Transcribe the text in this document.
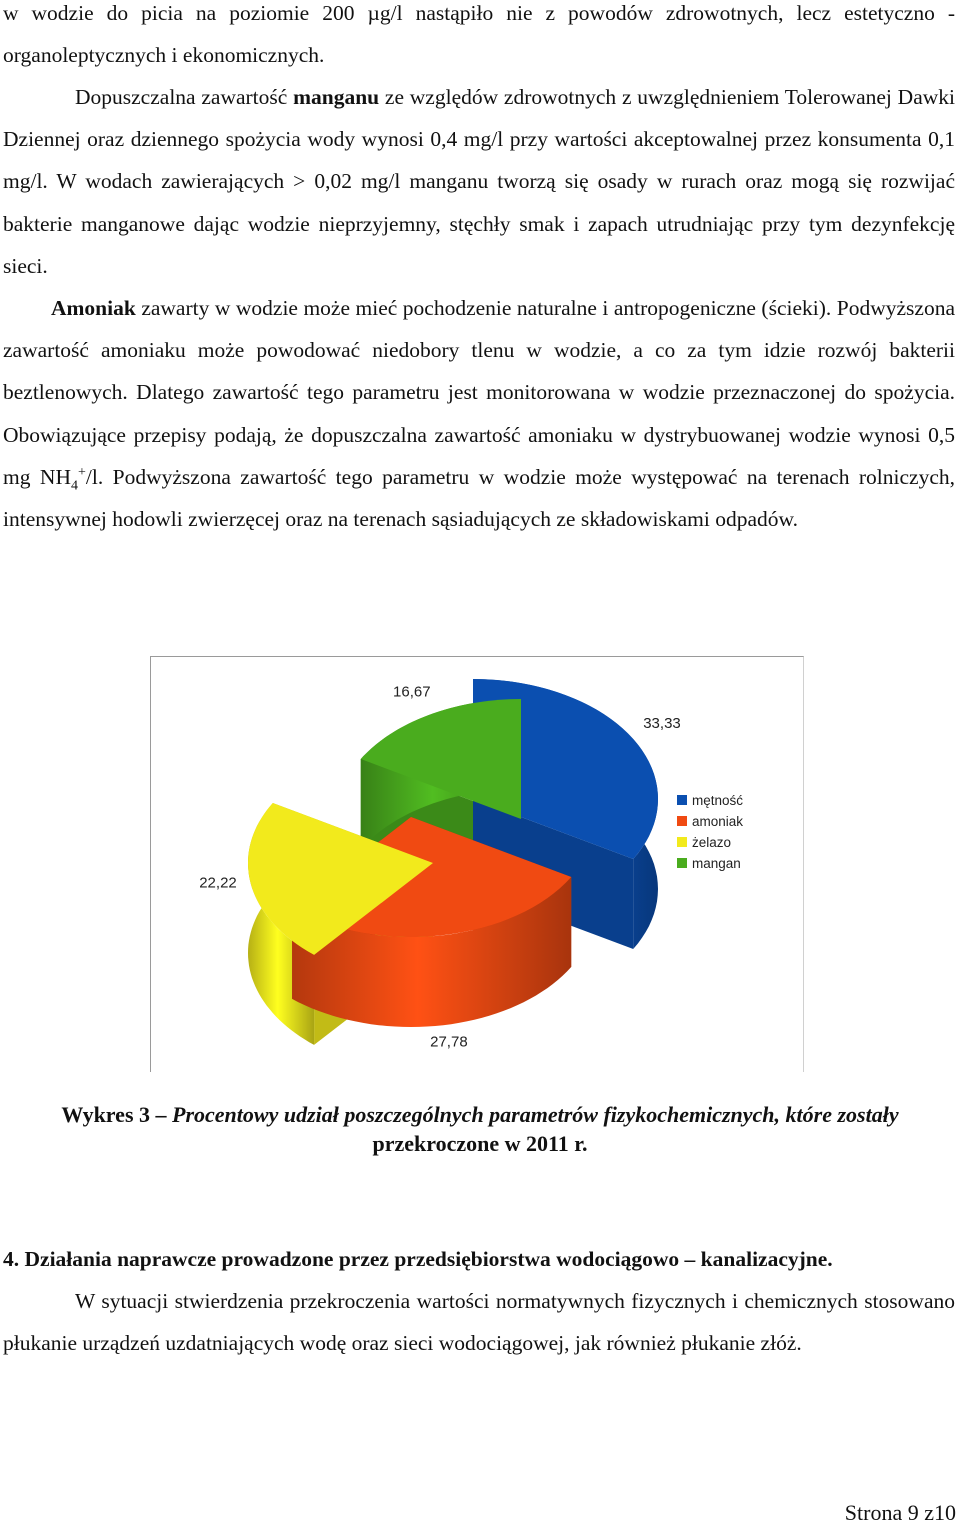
w wodzie do picia na poziomie 200 µg/l nastąpiło nie z powodów zdrowotnych, lecz estetyczno - organoleptycznych i ekonomicznych.

Dopuszczalna zawartość manganu ze względów zdrowotnych z uwzględnieniem Tolerowanej Dawki Dziennej oraz dziennego spożycia wody wynosi 0,4 mg/l przy wartości akceptowalnej przez konsumenta 0,1 mg/l. W wodach zawierających > 0,02 mg/l manganu tworzą się osady w rurach oraz mogą się rozwijać bakterie manganowe dając wodzie nieprzyjemny, stęchły smak i zapach utrudniając przy tym dezynfekcję sieci.

Amoniak zawarty w wodzie może mieć pochodzenie naturalne i antropogeniczne (ścieki). Podwyższona zawartość amoniaku może powodować niedobory tlenu w wodzie, a co za tym idzie rozwój bakterii beztlenowych. Dlatego zawartość tego parametru jest monitorowana w wodzie przeznaczonej do spożycia. Obowiązujące przepisy podają, że dopuszczalna zawartość amoniaku w dystrybuowanej wodzie wynosi 0,5 mg $NH_4^+/l$. Podwyższona zawartość tego parametru w wodzie może występować na terenach rolniczych, intensywnej hodowli zwierzęcej oraz na terenach sąsiadujących ze składowiskami odpadów.

33,33
27,78
22,22
16,67
mętność
amoniak
żelazo
mangan
Wykres 3 – Procentowy udział poszczególnych parametrów fizykochemicznych, które zostały
przekroczone w 2011 r.

4. Działania naprawcze prowadzone przez przedsiębiorstwa wodociągowo – kanalizacyjne.

W sytuacji stwierdzenia przekroczenia wartości normatywnych fizycznych i chemicznych stosowano płukanie urządzeń uzdatniających wodę oraz sieci wodociągowej, jak również płukanie złóż.

Strona 9 z10
